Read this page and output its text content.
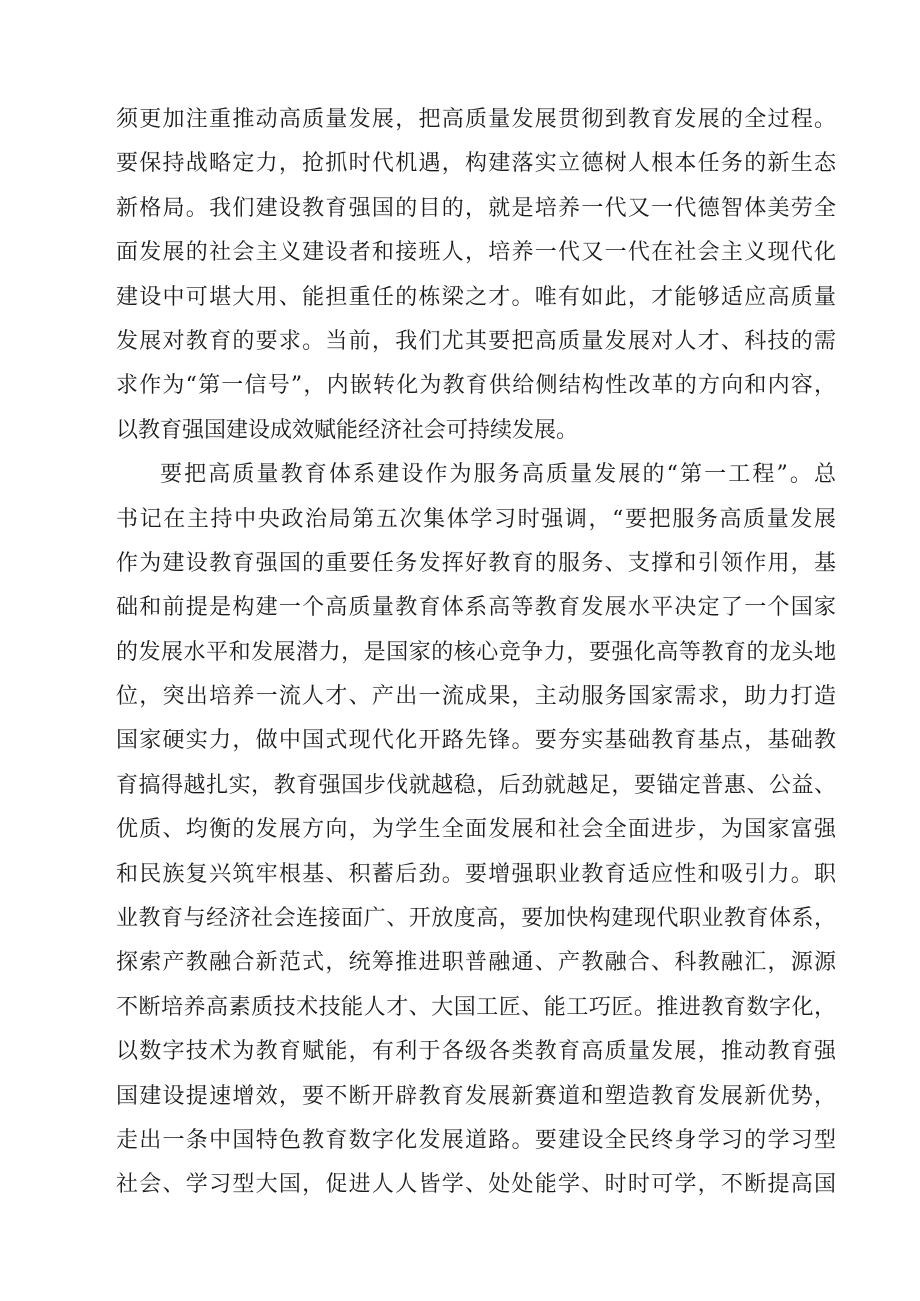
须更加注重推动高质量发展，把高质量发展贯彻到教育发展的全过程。
要保持战略定力，抢抓时代机遇，构建落实立德树人根本任务的新生态
新格局。我们建设教育强国的目的，就是培养一代又一代德智体美劳全
面发展的社会主义建设者和接班人，培养一代又一代在社会主义现代化
建设中可堪大用、能担重任的栋梁之才。唯有如此，才能够适应高质量
发展对教育的要求。当前，我们尤其要把高质量发展对人才、科技的需
求作为“第一信号”，内嵌转化为教育供给侧结构性改革的方向和内容，
以教育强国建设成效赋能经济社会可持续发展。
要把高质量教育体系建设作为服务高质量发展的“第一工程”。总
书记在主持中央政治局第五次集体学习时强调，“要把服务高质量发展
作为建设教育强国的重要任务发挥好教育的服务、支撑和引领作用，基
础和前提是构建一个高质量教育体系高等教育发展水平决定了一个国家
的发展水平和发展潜力，是国家的核心竞争力，要强化高等教育的龙头地
位，突出培养一流人才、产出一流成果，主动服务国家需求，助力打造
国家硬实力，做中国式现代化开路先锋。要夯实基础教育基点，基础教
育搞得越扎实，教育强国步伐就越稳，后劲就越足，要锚定普惠、公益、
优质、均衡的发展方向，为学生全面发展和社会全面进步，为国家富强
和民族复兴筑牢根基、积蓄后劲。要增强职业教育适应性和吸引力。职
业教育与经济社会连接面广、开放度高，要加快构建现代职业教育体系，
探索产教融合新范式，统筹推进职普融通、产教融合、科教融汇，源源
不断培养高素质技术技能人才、大国工匠、能工巧匠。推进教育数字化，
以数字技术为教育赋能，有利于各级各类教育高质量发展，推动教育强
国建设提速增效，要不断开辟教育发展新赛道和塑造教育发展新优势，
走出一条中国特色教育数字化发展道路。要建设全民终身学习的学习型
社会、学习型大国，促进人人皆学、处处能学、时时可学，不断提高国
